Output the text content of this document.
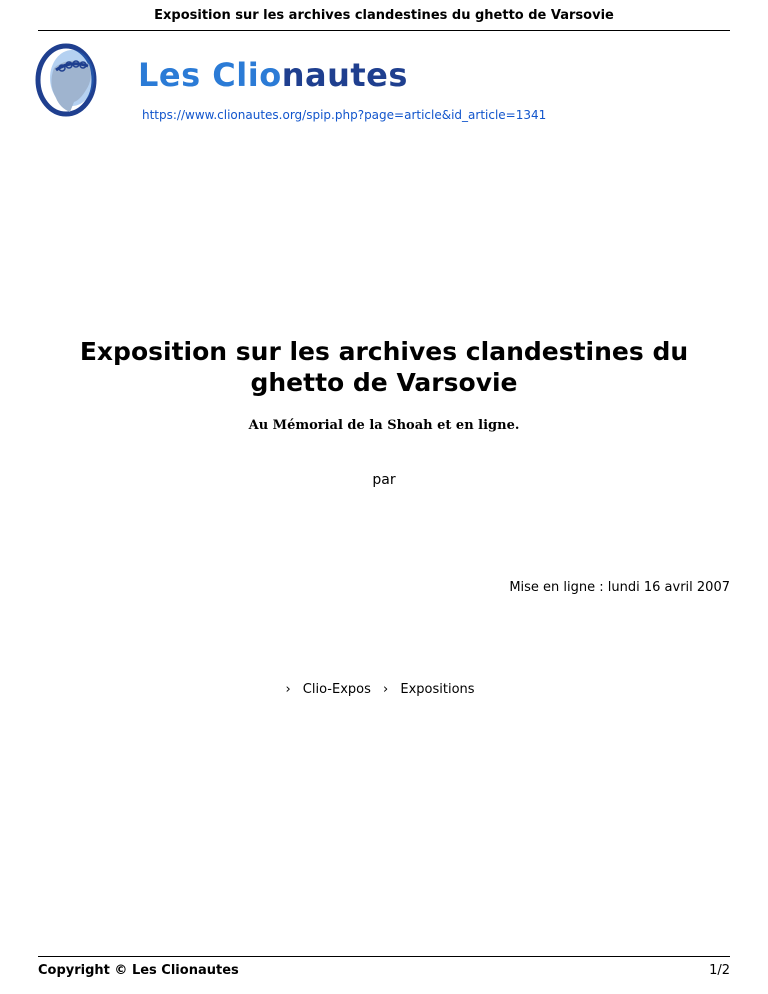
Exposition sur les archives clandestines du ghetto de Varsovie
Les Clionautes
https://www.clionautes.org/spip.php?page=article&id_article=1341
Exposition sur les archives clandestines du ghetto de Varsovie
Au Mémorial de la Shoah et en ligne.
par
Mise en ligne : lundi 16 avril 2007
› Clio-Expos › Expositions
Copyright © Les Clionautes	1/2
